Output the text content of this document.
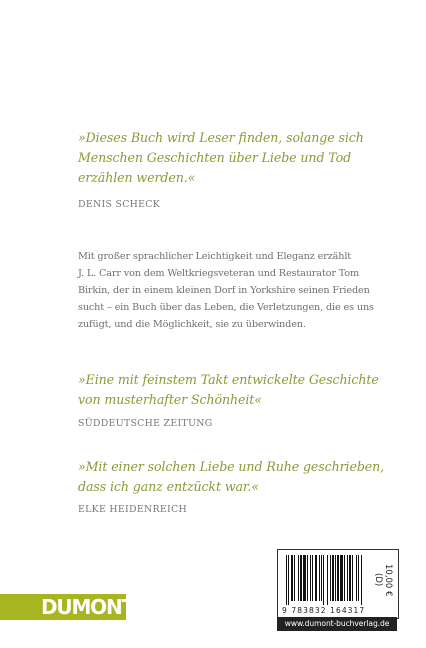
»Dieses Buch wird Leser finden, solange sich
Menschen Geschichten über Liebe und Tod
erzählen werden.«
DENIS SCHECK
Mit großer sprachlicher Leichtigkeit und Eleganz erzählt
J. L. Carr von dem Weltkriegsveteran und Restaurator Tom
Birkin, der in einem kleinen Dorf in Yorkshire seinen Frieden
sucht – ein Buch über das Leben, die Verletzungen, die es uns
zufügt, und die Möglichkeit, sie zu überwinden.
»Eine mit feinstem Takt entwickelte Geschichte
von musterhafter Schönheit«
SÜDDEUTSCHE ZEITUNG
»Mit einer solchen Liebe und Ruhe geschrieben,
dass ich ganz entzückt war.«
ELKE HEIDENREICH
DUMONT
10,00 € (D)
9 783832 164317
www.dumont-buchverlag.de
